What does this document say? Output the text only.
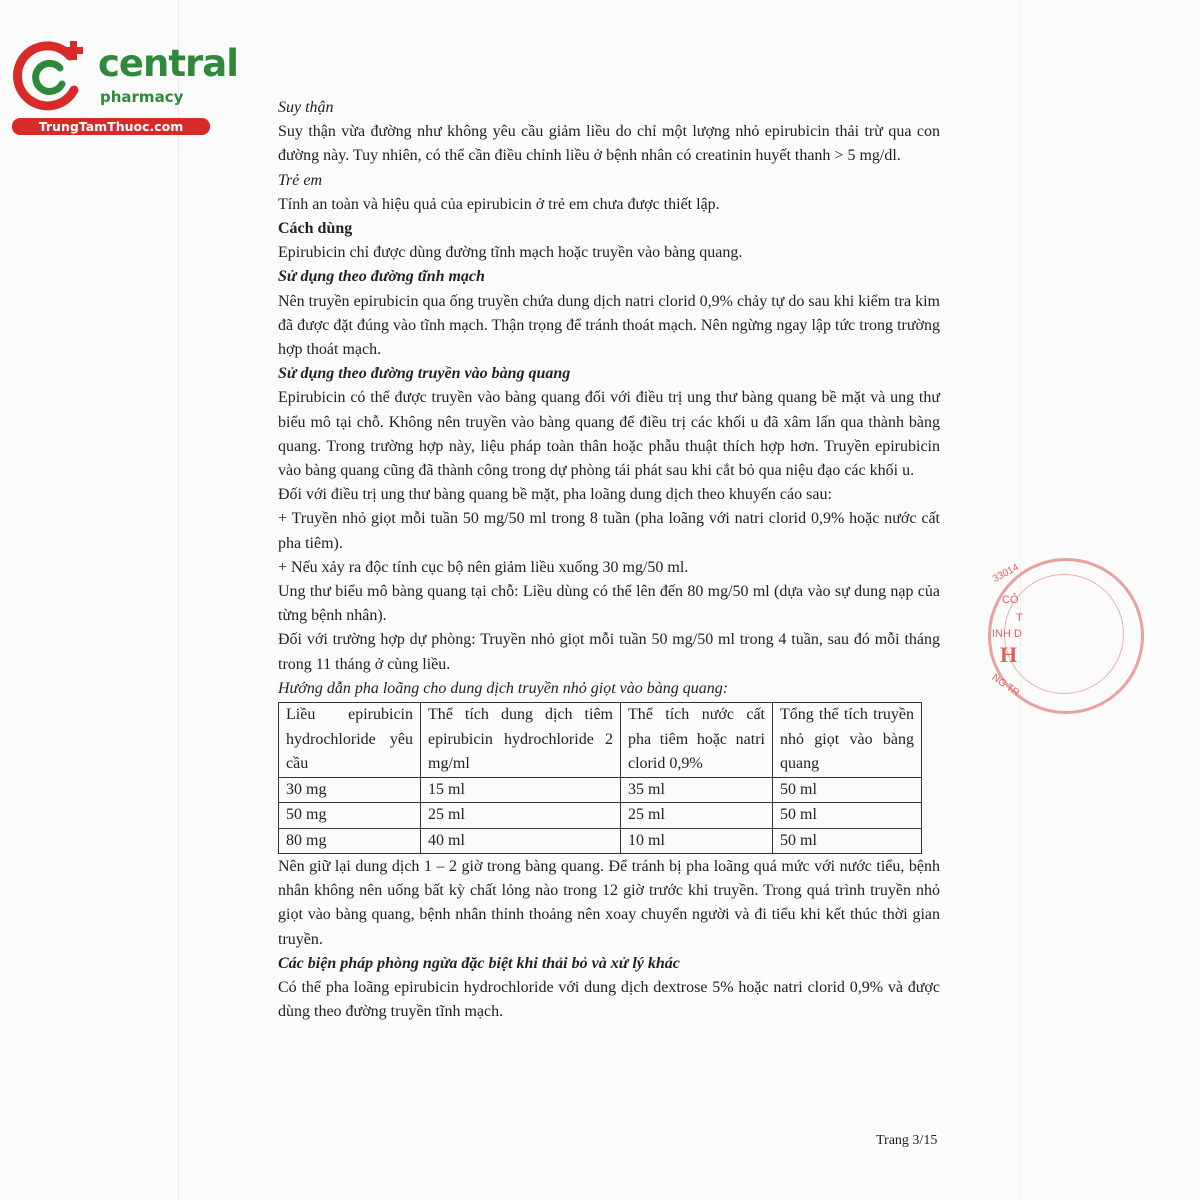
central
pharmacy
TrungTamThuoc.com

Suy thận

Suy thận vừa đường như không yêu cầu giảm liều do chỉ một lượng nhỏ epirubicin thải trừ qua con đường này. Tuy nhiên, có thể cần điều chỉnh liều ở bệnh nhân có creatinin huyết thanh > 5 mg/dl.

Trẻ em

Tính an toàn và hiệu quả của epirubicin ở trẻ em chưa được thiết lập.

Cách dùng

Epirubicin chỉ được dùng đường tĩnh mạch hoặc truyền vào bàng quang.

Sử dụng theo đường tĩnh mạch

Nên truyền epirubicin qua ống truyền chứa dung dịch natri clorid 0,9% chảy tự do sau khi kiểm tra kim đã được đặt đúng vào tĩnh mạch. Thận trọng để tránh thoát mạch. Nên ngừng ngay lập tức trong trường hợp thoát mạch.

Sử dụng theo đường truyền vào bàng quang

Epirubicin có thể được truyền vào bàng quang đối với điều trị ung thư bàng quang bề mặt và ung thư biểu mô tại chỗ. Không nên truyền vào bàng quang để điều trị các khối u đã xâm lấn qua thành bàng quang. Trong trường hợp này, liệu pháp toàn thân hoặc phẫu thuật thích hợp hơn. Truyền epirubicin vào bàng quang cũng đã thành công trong dự phòng tái phát sau khi cắt bỏ qua niệu đạo các khối u.

Đối với điều trị ung thư bàng quang bề mặt, pha loãng dung dịch theo khuyến cáo sau:

+ Truyền nhỏ giọt mỗi tuần 50 mg/50 ml trong 8 tuần (pha loãng với natri clorid 0,9% hoặc nước cất pha tiêm).

+ Nếu xảy ra độc tính cục bộ nên giảm liều xuống 30 mg/50 ml.

Ung thư biểu mô bàng quang tại chỗ: Liều dùng có thể lên đến 80 mg/50 ml (dựa vào sự dung nạp của từng bệnh nhân).

Đối với trường hợp dự phòng: Truyền nhỏ giọt mỗi tuần 50 mg/50 ml trong 4 tuần, sau đó mỗi tháng trong 11 tháng ở cùng liều.

Hướng dẫn pha loãng cho dung dịch truyền nhỏ giọt vào bàng quang:

Liều epirubicin hydrochloride yêu cầu	Thể tích dung dịch tiêm epirubicin hydrochloride 2 mg/ml	Thể tích nước cất pha tiêm hoặc natri clorid 0,9%	Tổng thể tích truyền nhỏ giọt vào bàng quang
30 mg	15 ml	35 ml	50 ml
50 mg	25 ml	25 ml	50 ml
80 mg	40 ml	10 ml	50 ml

Nên giữ lại dung dịch 1 – 2 giờ trong bàng quang. Để tránh bị pha loãng quá mức với nước tiểu, bệnh nhân không nên uống bất kỳ chất lỏng nào trong 12 giờ trước khi truyền. Trong quá trình truyền nhỏ giọt vào bàng quang, bệnh nhân thỉnh thoảng nên xoay chuyển người và đi tiểu khi kết thúc thời gian truyền.

Các biện pháp phòng ngừa đặc biệt khi thải bỏ và xử lý khác

Có thể pha loãng epirubicin hydrochloride với dung dịch dextrose 5% hoặc natri clorid 0,9% và được dùng theo đường truyền tĩnh mạch.

33014
CÔ
T
INH D
H
NG TR
Trang 3/15
